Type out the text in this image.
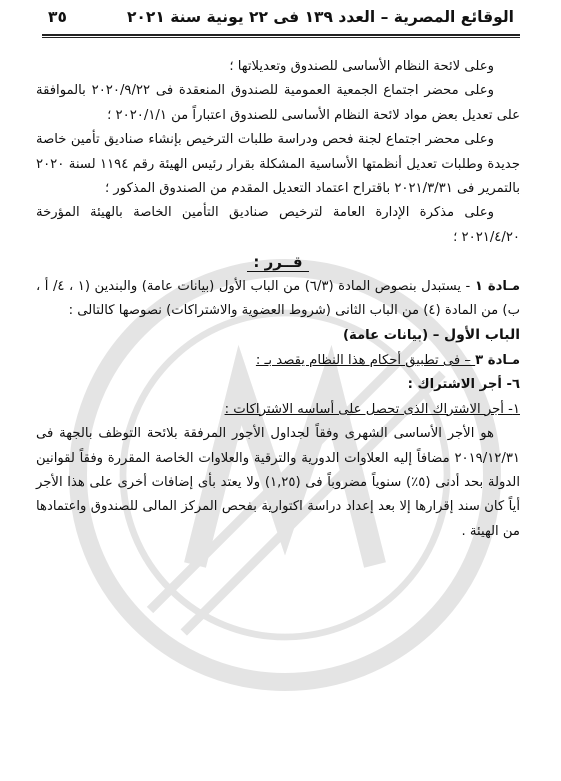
الوقائع المصرية – العدد ١٣٩ فى ٢٢ يونية سنة ٢٠٢١
٣٥

وعلى لائحة النظام الأساسى للصندوق وتعديلاتها ؛

وعلى محضر اجتماع الجمعية العمومية للصندوق المنعقدة فى ٢٠٢٠/٩/٢٢ بالموافقة على تعديل بعض مواد لائحة النظام الأساسى للصندوق اعتباراً من ٢٠٢٠/١/١ ؛

وعلى محضر اجتماع لجنة فحص ودراسة طلبات الترخيص بإنشاء صناديق تأمين خاصة جديدة وطلبات تعديل أنظمتها الأساسية المشكلة بقرار رئيس الهيئة رقم ١١٩٤ لسنة ٢٠٢٠ بالتمرير فى ٢٠٢١/٣/٣١ باقتراح اعتماد التعديل المقدم من الصندوق المذكور ؛

وعلى مذكرة الإدارة العامة لترخيص صناديق التأمين الخاصة بالهيئة المؤرخة ٢٠٢١/٤/٢٠ ؛

قــرر :

مـادة ١ - يستبدل بنصوص المادة (٦/٣) من الباب الأول (بيانات عامة) والبندين (١ ، ٤/ أ ، ب) من المادة (٤) من الباب الثانى (شروط العضوية والاشتراكات) نصوصها كالتالى :

الباب الأول – (بيانات عامة)

مـادة ٣ – فى تطبيق أحكام هذا النظام يقصد بـ :

٦- أجر الاشتراك :

١- أجر الاشتراك الذى تحصل على أساسه الاشتراكات :

هو الأجر الأساسى الشهرى وفقاً لجداول الأجور المرفقة بلائحة التوظف بالجهة فى ٢٠١٩/١٢/٣١ مضافاً إليه العلاوات الدورية والترقية والعلاوات الخاصة المقررة وفقاً لقوانين الدولة بحد أدنى (٥٪) سنوياً مضروباً فى (١,٢٥) ولا يعتد بأى إضافات أخرى على هذا الأجر أياً كان سند إقرارها إلا بعد إعداد دراسة اكتوارية بفحص المركز المالى للصندوق واعتمادها من الهيئة .
